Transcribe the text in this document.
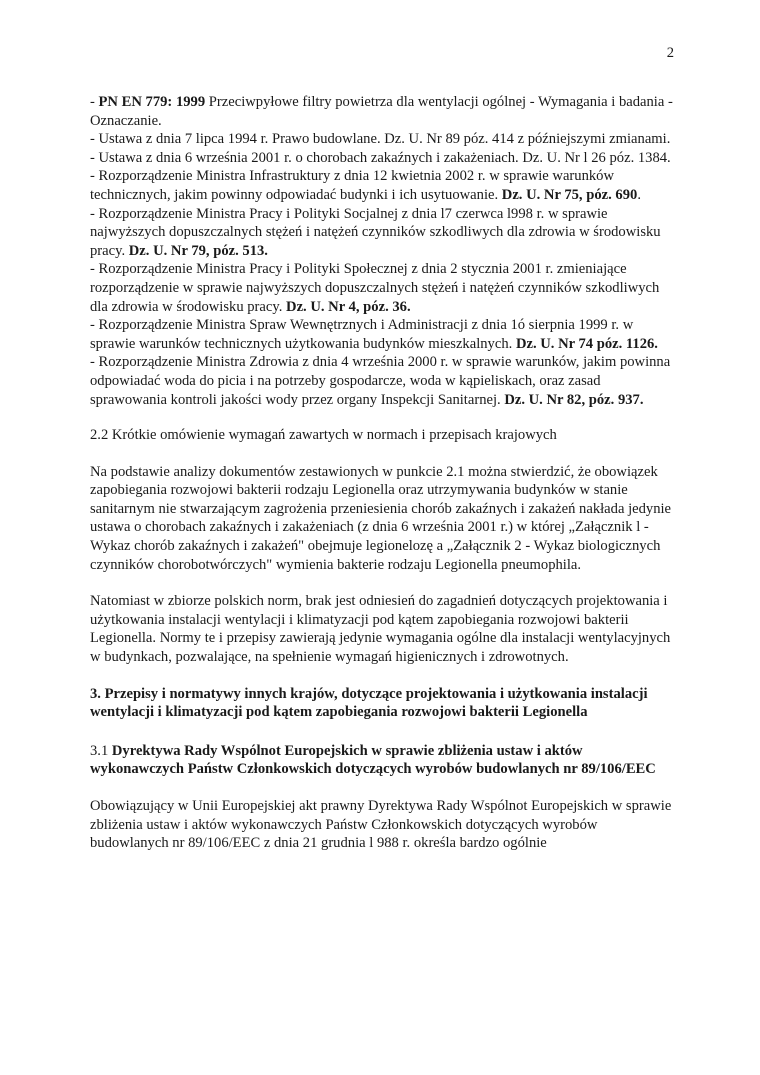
2
- PN EN 779: 1999 Przeciwpyłowe filtry powietrza dla wentylacji ogólnej - Wymagania i badania - Oznaczanie.
- Ustawa z dnia 7 lipca 1994 r. Prawo budowlane. Dz. U. Nr 89 póz. 414 z późniejszymi zmianami.
- Ustawa z dnia 6 września 2001 r. o chorobach zakaźnych i zakażeniach. Dz. U. Nr l 26 póz. 1384.
- Rozporządzenie Ministra Infrastruktury z dnia 12 kwietnia 2002 r. w sprawie warunków technicznych, jakim powinny odpowiadać budynki i ich usytuowanie. Dz. U. Nr 75, póz. 690.
- Rozporządzenie Ministra Pracy i Polityki Socjalnej z dnia l7 czerwca l998 r. w sprawie najwyższych dopuszczalnych stężeń i natężeń czynników szkodliwych dla zdrowia w środowisku pracy. Dz. U. Nr 79, póz. 513.
- Rozporządzenie Ministra Pracy i Polityki Społecznej z dnia 2 stycznia 2001 r. zmieniające rozporządzenie w sprawie najwyższych dopuszczalnych stężeń i natężeń czynników szkodliwych dla zdrowia w środowisku pracy. Dz. U. Nr 4, póz. 36.
- Rozporządzenie Ministra Spraw Wewnętrznych i Administracji z dnia 1ó sierpnia 1999 r. w sprawie warunków technicznych użytkowania budynków mieszkalnych. Dz. U. Nr 74 póz. 1126.
- Rozporządzenie Ministra Zdrowia z dnia 4 września 2000 r. w sprawie warunków, jakim powinna odpowiadać woda do picia i na potrzeby gospodarcze, woda w kąpieliskach, oraz zasad sprawowania kontroli jakości wody przez organy Inspekcji Sanitarnej. Dz. U. Nr 82, póz. 937.
2.2 Krótkie omówienie wymagań zawartych w normach i przepisach krajowych

Na podstawie analizy dokumentów zestawionych w punkcie 2.1 można stwierdzić, że obowiązek zapobiegania rozwojowi bakterii rodzaju Legionella oraz utrzymywania budynków w stanie sanitarnym nie stwarzającym zagrożenia przeniesienia chorób zakaźnych i zakażeń nakłada jedynie ustawa o chorobach zakaźnych i zakażeniach (z dnia 6 września 2001 r.) w której „Załącznik l - Wykaz chorób zakaźnych i zakażeń" obejmuje legionelozę a „Załącznik 2 - Wykaz biologicznych czynników chorobotwórczych" wymienia bakterie rodzaju Legionella pneumophila.

Natomiast w zbiorze polskich norm, brak jest odniesień do zagadnień dotyczących projektowania i użytkowania instalacji wentylacji i klimatyzacji pod kątem zapobiegania rozwojowi bakterii Legionella. Normy te i przepisy zawierają jedynie wymagania ogólne dla instalacji wentylacyjnych w budynkach, pozwalające, na spełnienie wymagań higienicznych i zdrowotnych.

3. Przepisy i normatywy innych krajów, dotyczące projektowania i użytkowania instalacji wentylacji i klimatyzacji pod kątem zapobiegania rozwojowi bakterii Legionella
3.1 Dyrektywa Rady Wspólnot Europejskich w sprawie zbliżenia ustaw i aktów wykonawczych Państw Członkowskich dotyczących wyrobów budowlanych nr 89/106/EEC

Obowiązujący w Unii Europejskiej akt prawny Dyrektywa Rady Wspólnot Europejskich w sprawie zbliżenia ustaw i aktów wykonawczych Państw Członkowskich dotyczących wyrobów budowlanych nr 89/106/EEC z dnia 21 grudnia l 988 r. określa bardzo ogólnie
